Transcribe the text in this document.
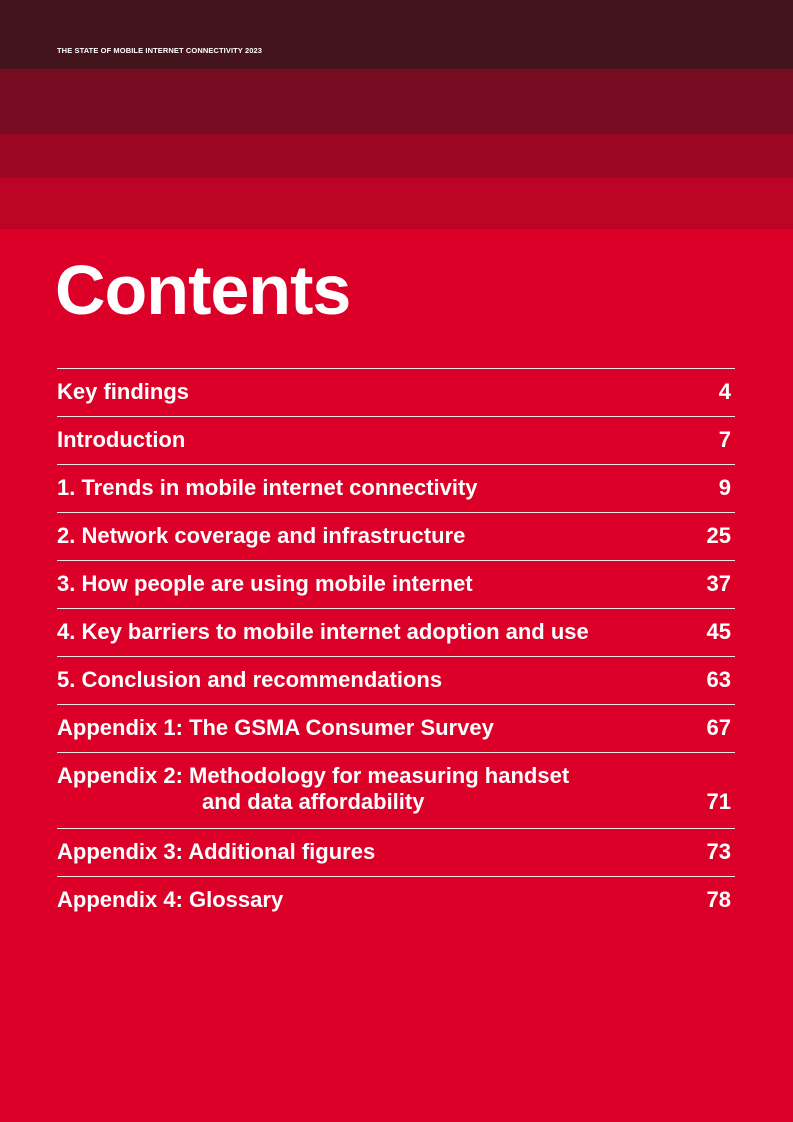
THE STATE OF MOBILE INTERNET CONNECTIVITY 2023
Contents
Key findings	4
Introduction	7
1. Trends in mobile internet connectivity	9
2. Network coverage and infrastructure	25
3. How people are using mobile internet	37
4. Key barriers to mobile internet adoption and use	45
5. Conclusion and recommendations	63
Appendix 1: The GSMA Consumer Survey	67
Appendix 2: Methodology for measuring handset
and data affordability	71
Appendix 3: Additional figures	73
Appendix 4: Glossary	78
